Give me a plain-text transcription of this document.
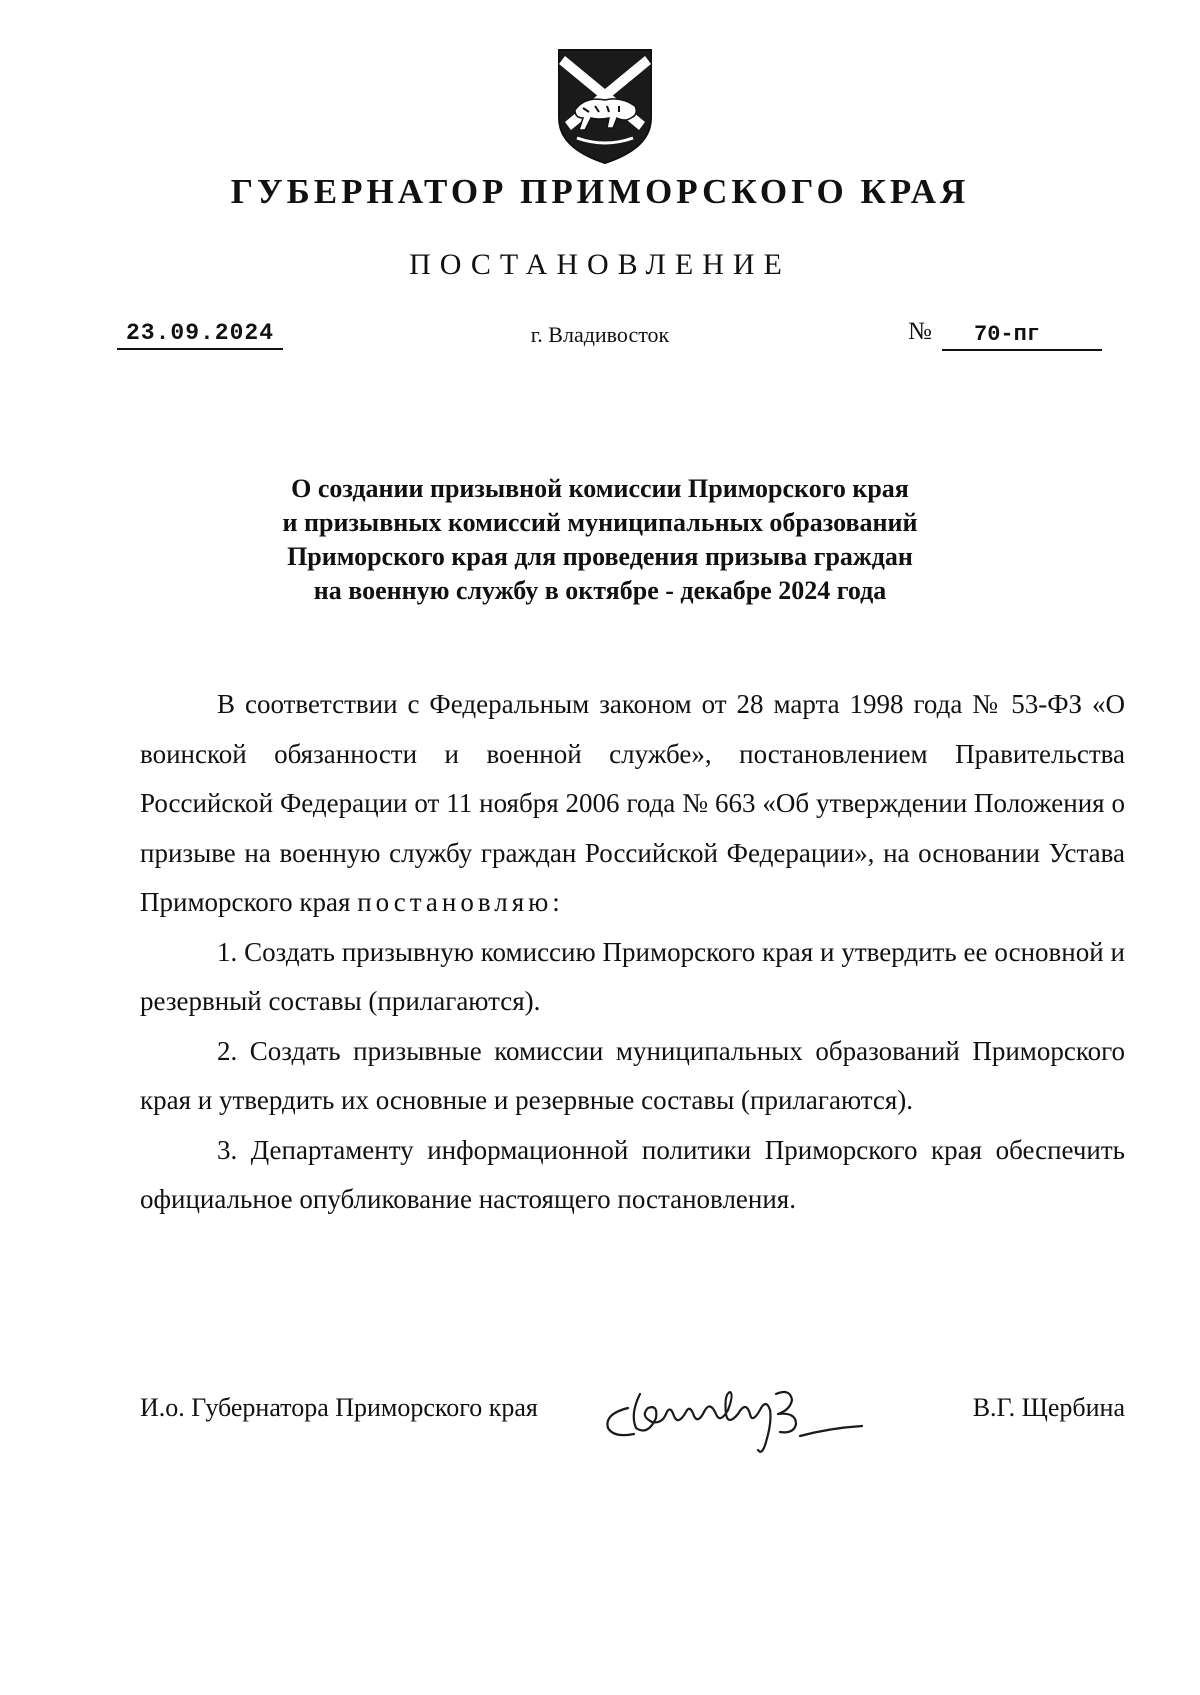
ГУБЕРНАТОР ПРИМОРСКОГО КРАЯ
ПОСТАНОВЛЕНИЕ
23.09.2024	г. Владивосток	№	70-пг
О создании призывной комиссии Приморского края
и призывных комиссий муниципальных образований
Приморского края для проведения призыва граждан
на военную службу в октябре - декабре 2024 года

В соответствии с Федеральным законом от 28 марта 1998 года № 53-ФЗ «О воинской обязанности и военной службе», постановлением Правительства Российской Федерации от 11 ноября 2006 года № 663 «Об утверждении Положения о призыве на военную службу граждан Российской Федерации», на основании Устава Приморского края постановляю:

1. Создать призывную комиссию Приморского края и утвердить ее основной и резервный составы (прилагаются).

2. Создать призывные комиссии муниципальных образований Приморского края и утвердить их основные и резервные составы (прилагаются).

3. Департаменту информационной политики Приморского края обеспечить официальное опубликование настоящего постановления.

И.о. Губернатора Приморского края	В.Г. Щербина
